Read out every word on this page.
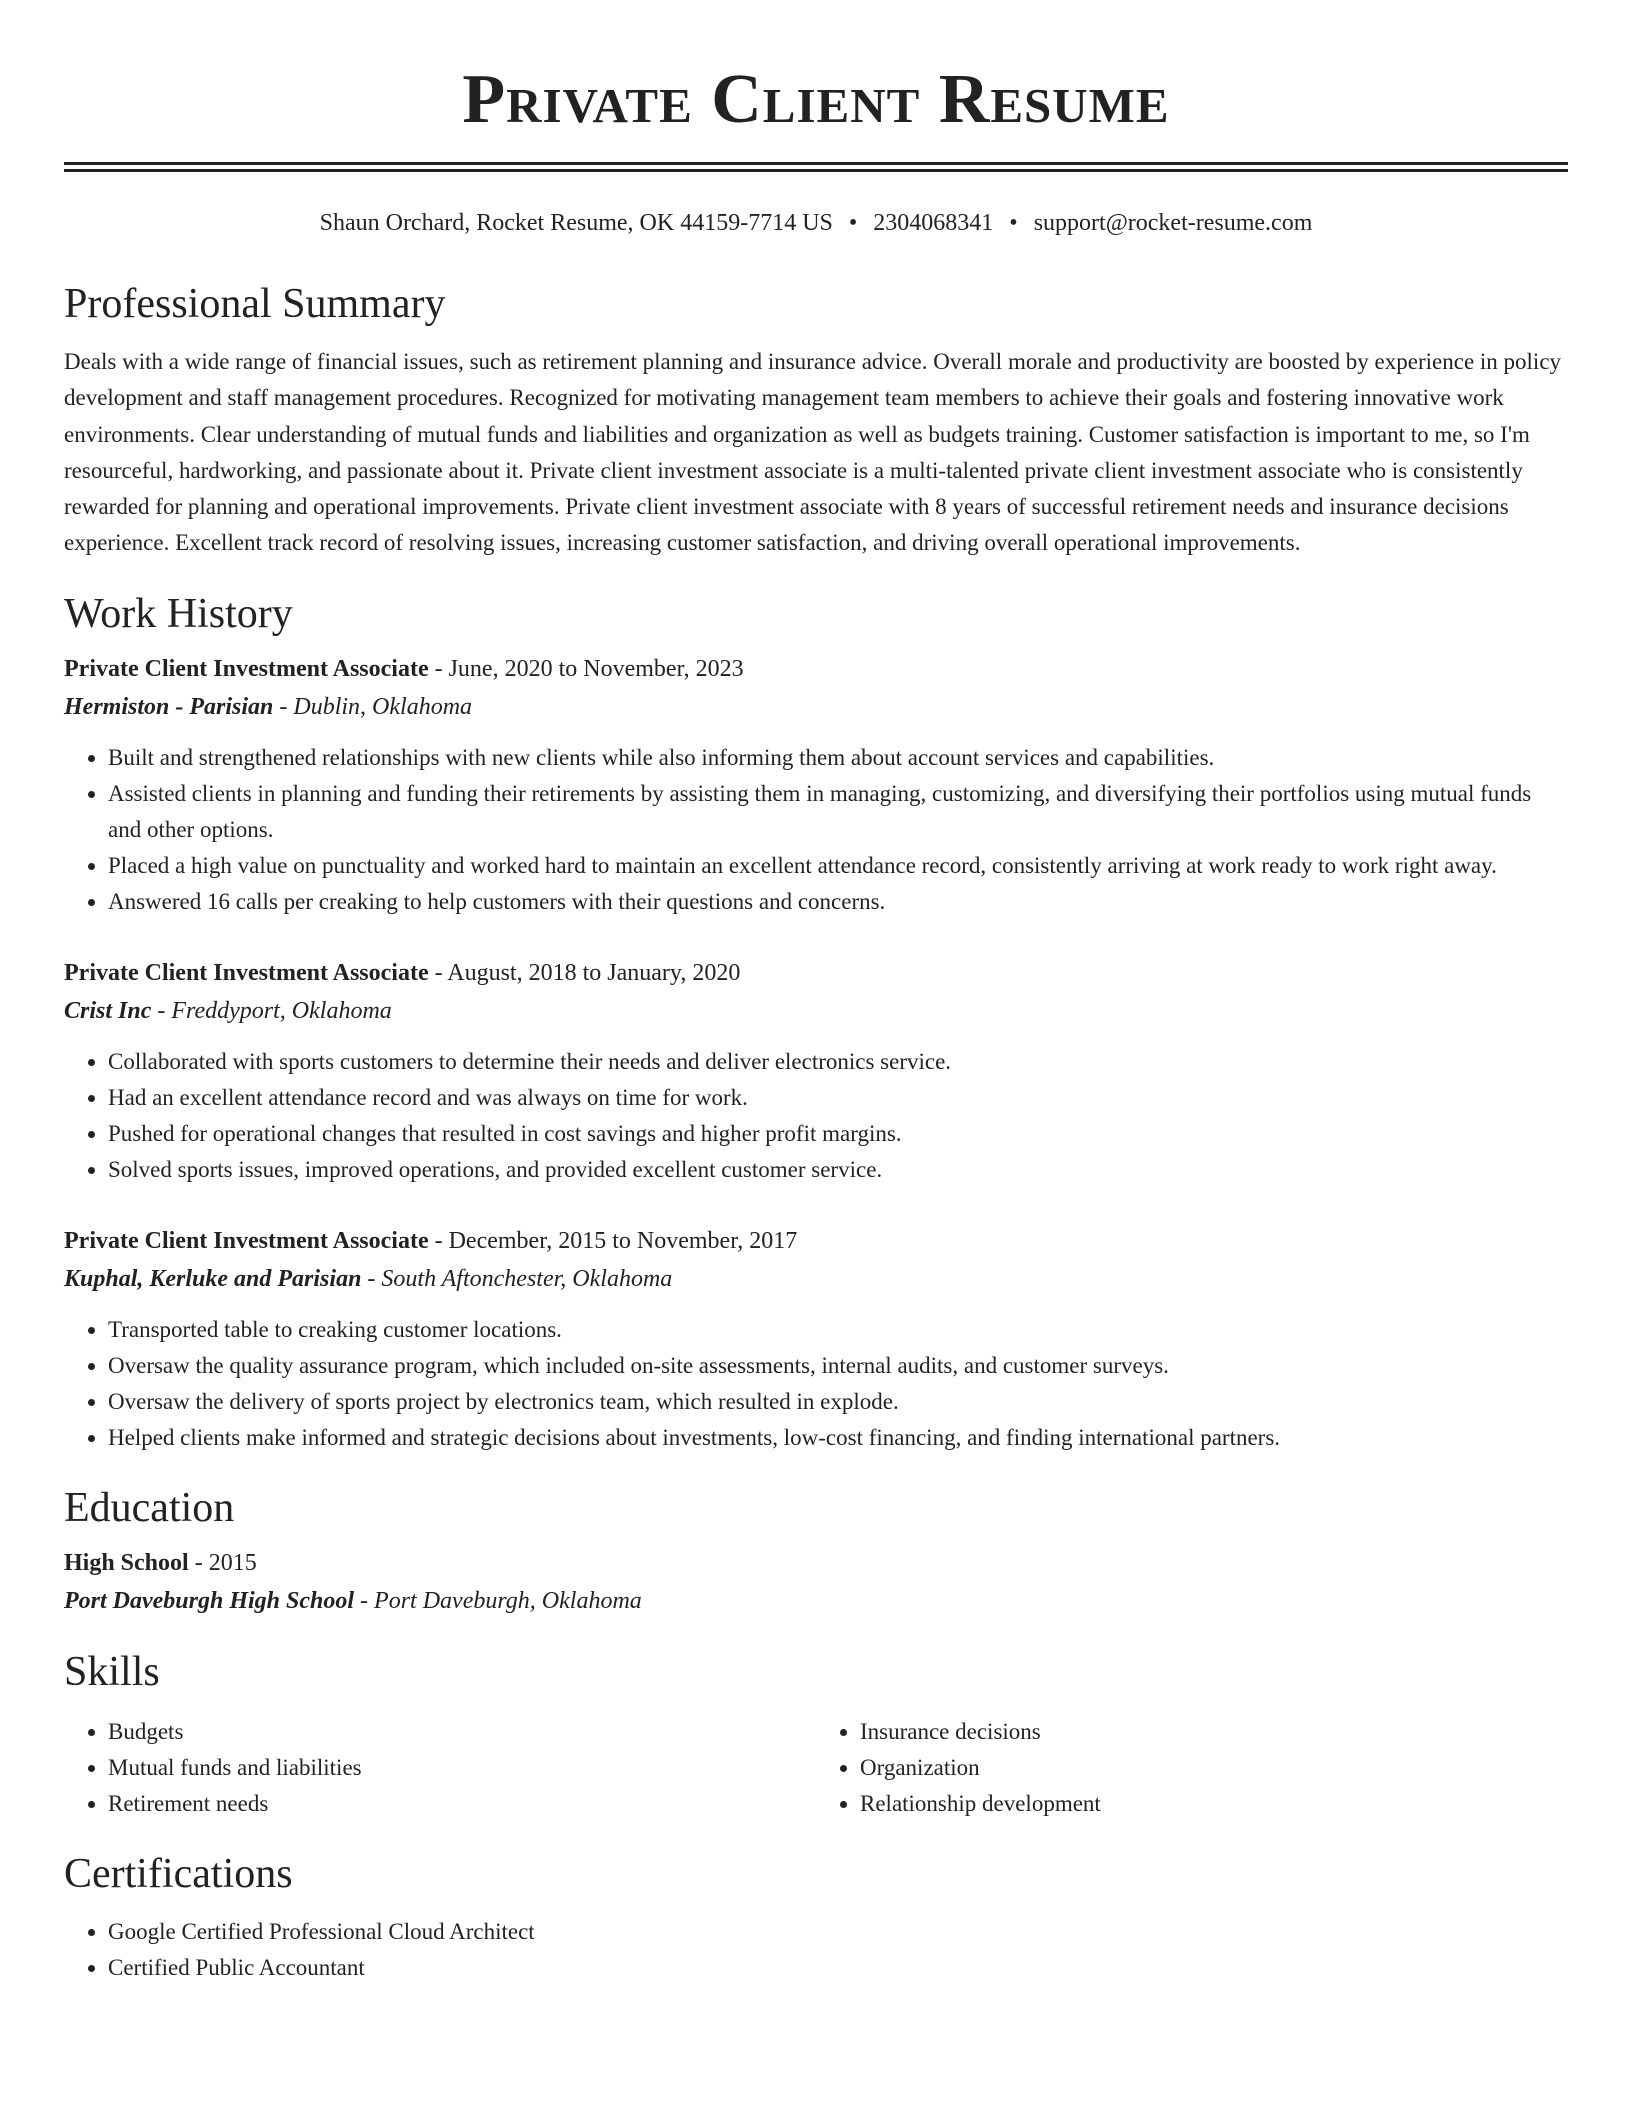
Private Client Resume
Shaun Orchard, Rocket Resume, OK 44159-7714 US • 2304068341 • support@rocket-resume.com
Professional Summary

Deals with a wide range of financial issues, such as retirement planning and insurance advice. Overall morale and productivity are boosted by experience in policy development and staff management procedures. Recognized for motivating management team members to achieve their goals and fostering innovative work environments. Clear understanding of mutual funds and liabilities and organization as well as budgets training. Customer satisfaction is important to me, so I'm resourceful, hardworking, and passionate about it. Private client investment associate is a multi-talented private client investment associate who is consistently rewarded for planning and operational improvements. Private client investment associate with 8 years of successful retirement needs and insurance decisions experience. Excellent track record of resolving issues, increasing customer satisfaction, and driving overall operational improvements.

Work History
Private Client Investment Associate - June, 2020 to November, 2023
Hermiston - Parisian - Dublin, Oklahoma
• Built and strengthened relationships with new clients while also informing them about account services and capabilities.
• Assisted clients in planning and funding their retirements by assisting them in managing, customizing, and diversifying their portfolios using mutual funds and other options.
• Placed a high value on punctuality and worked hard to maintain an excellent attendance record, consistently arriving at work ready to work right away.
• Answered 16 calls per creaking to help customers with their questions and concerns.
Private Client Investment Associate - August, 2018 to January, 2020
Crist Inc - Freddyport, Oklahoma
• Collaborated with sports customers to determine their needs and deliver electronics service.
• Had an excellent attendance record and was always on time for work.
• Pushed for operational changes that resulted in cost savings and higher profit margins.
• Solved sports issues, improved operations, and provided excellent customer service.
Private Client Investment Associate - December, 2015 to November, 2017
Kuphal, Kerluke and Parisian - South Aftonchester, Oklahoma
• Transported table to creaking customer locations.
• Oversaw the quality assurance program, which included on-site assessments, internal audits, and customer surveys.
• Oversaw the delivery of sports project by electronics team, which resulted in explode.
• Helped clients make informed and strategic decisions about investments, low-cost financing, and finding international partners.
Education
High School - 2015
Port Daveburgh High School - Port Daveburgh, Oklahoma
Skills
• Budgets
• Mutual funds and liabilities
• Retirement needs
• Insurance decisions
• Organization
• Relationship development
Certifications
• Google Certified Professional Cloud Architect
• Certified Public Accountant
